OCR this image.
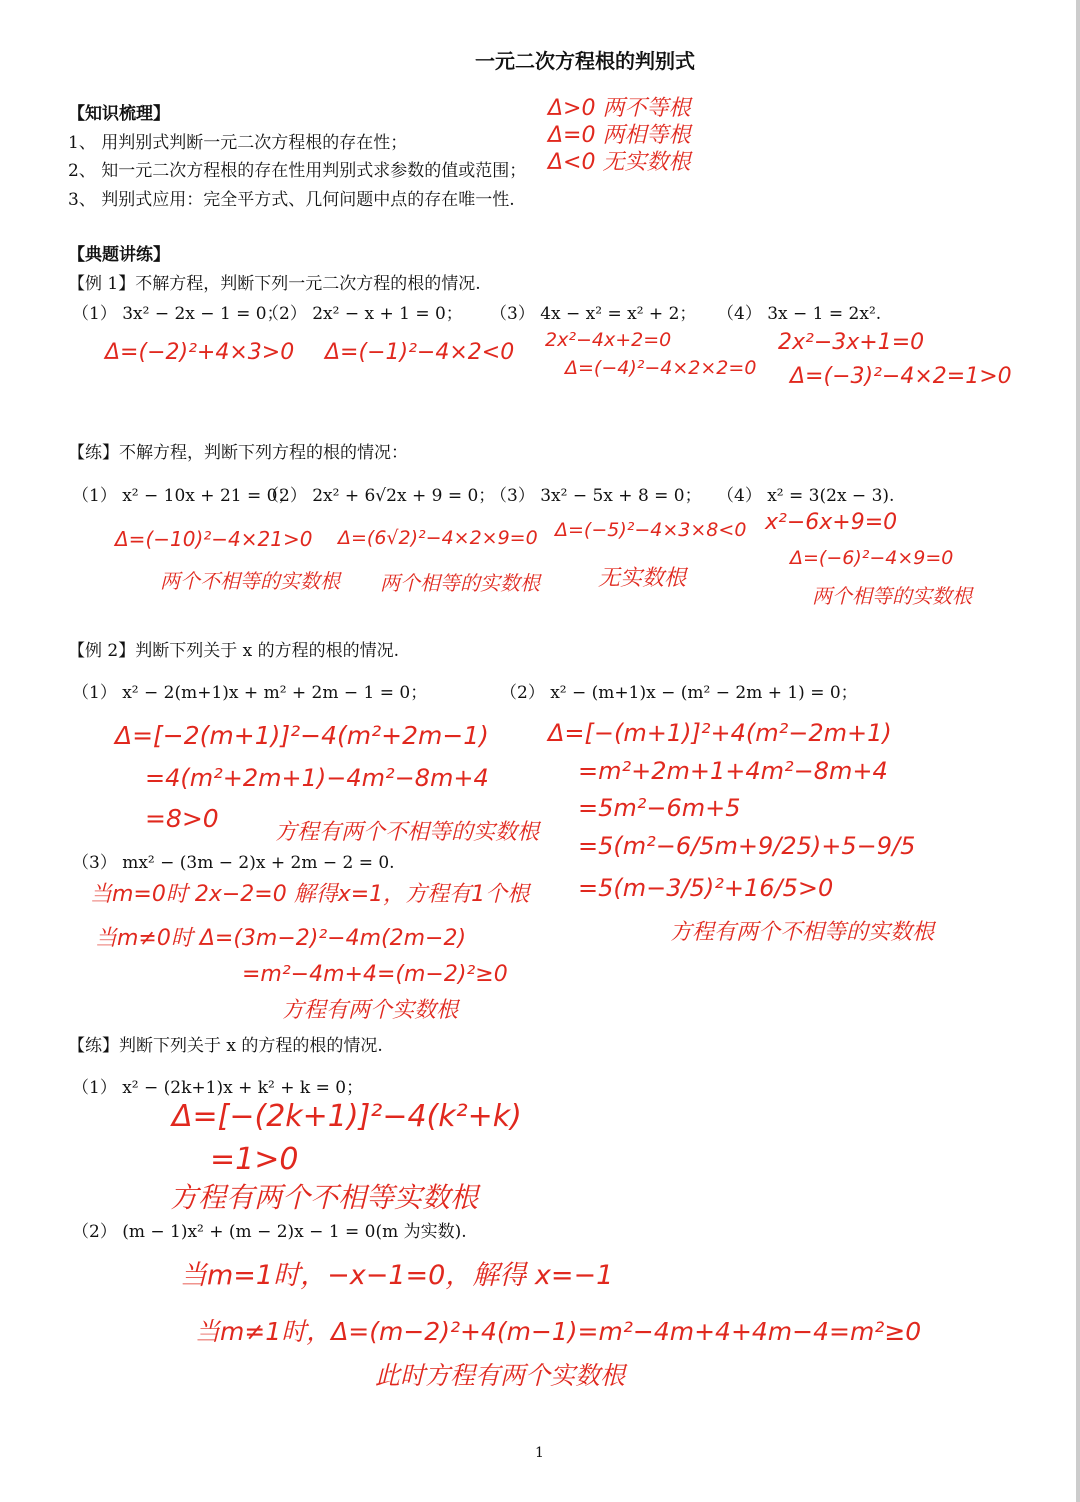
一元二次方程根的判别式
【知识梳理】
1、 用判别式判断一元二次方程根的存在性；
2、 知一元二次方程根的存在性用判别式求参数的值或范围；
3、 判别式应用：完全平方式、几何问题中点的存在唯一性.
【典题讲练】
【例 1】不解方程，判断下列一元二次方程的根的情况.
（1） 3x² − 2x − 1 = 0；
（2） 2x² − x + 1 = 0； （3） 4x − x² = x² + 2； （4） 3x − 1 = 2x².
【练】不解方程，判断下列方程的根的情况：
（1） x² − 10x + 21 = 0；
（2） 2x² + 6√2x + 9 = 0；
（3） 3x² − 5x + 8 = 0； （4） x² = 3(2x − 3).
【例 2】判断下列关于 x 的方程的根的情况.
（1） x² − 2(m+1)x + m² + 2m − 1 = 0；	（2） x² − (m+1)x − (m² − 2m + 1) = 0；
（3） mx² − (3m − 2)x + 2m − 2 = 0.
【练】判断下列关于 x 的方程的根的情况.
（1） x² − (2k+1)x + k² + k = 0；
（2） (m − 1)x² + (m − 2)x − 1 = 0(m 为实数).
1
Δ>0 两不等根
Δ=0 两相等根
Δ<0 无实数根
Δ=(−2)²+4×3>0 Δ=(−1)²−4×2<0 2x²−4x+2=0
Δ=(−4)²−4×2×2=0
2x²−3x+1=0
Δ=(−3)²−4×2=1>0
Δ=(−10)²−4×21>0
两个不相等的实数根
Δ=(6√2)²−4×2×9=0
两个相等的实数根
Δ=(−5)²−4×3×8<0
无实数根
x²−6x+9=0
Δ=(−6)²−4×9=0
两个相等的实数根
Δ=[−2(m+1)]²−4(m²+2m−1)
=4(m²+2m+1)−4m²−8m+4
=8>0	方程有两个不相等的实数根
Δ=[−(m+1)]²+4(m²−2m+1)
=m²+2m+1+4m²−8m+4
=5m²−6m+5
=5(m²−6/5m+9/25)+5−9/5
=5(m−3/5)²+16/5>0
方程有两个不相等的实数根
当m=0时 2x−2=0 解得x=1，方程有1个根
当m≠0时 Δ=(3m−2)²−4m(2m−2)
=m²−4m+4=(m−2)²≥0
方程有两个实数根
Δ=[−(2k+1)]²−4(k²+k)
=1>0
方程有两个不相等实数根
当m=1时，−x−1=0，解得 x=−1
当m≠1时，Δ=(m−2)²+4(m−1)=m²−4m+4+4m−4=m²≥0
此时方程有两个实数根
